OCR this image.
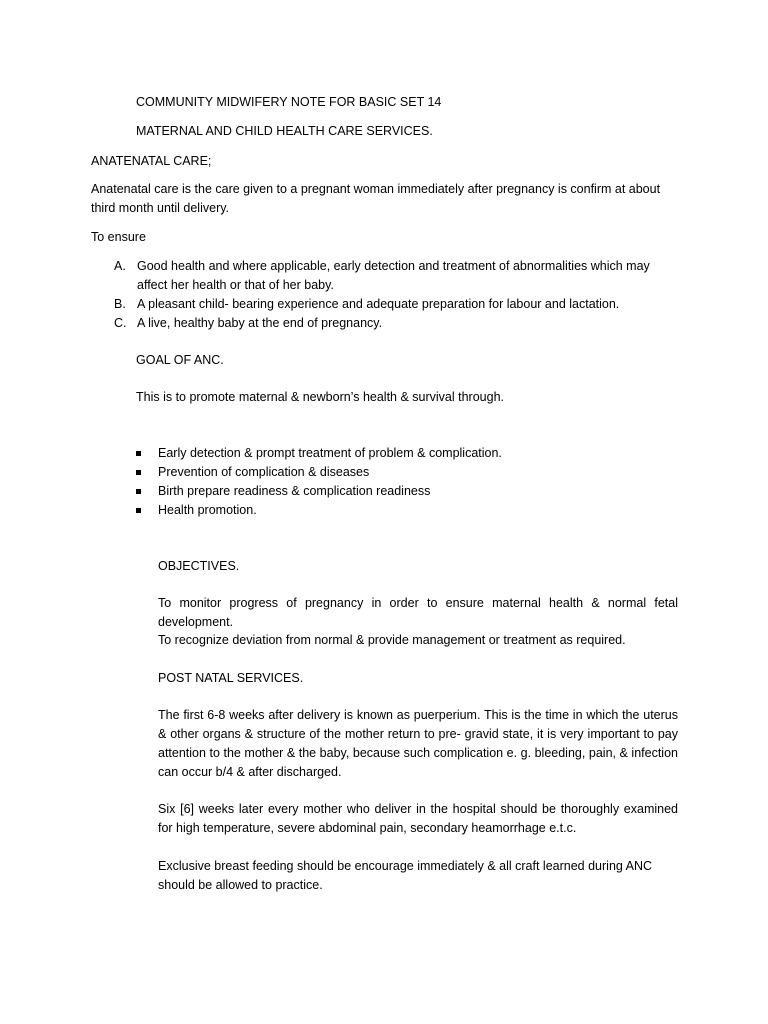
COMMUNITY MIDWIFERY NOTE FOR BASIC SET 14

MATERNAL AND CHILD HEALTH CARE SERVICES.

ANATENATAL CARE;

Anatenatal care is the care given to a pregnant woman immediately after pregnancy is confirm at about third month until delivery.

To ensure

A. Good health and where applicable, early detection and treatment of abnormalities which may affect her health or that of her baby.
B. A pleasant child- bearing experience and adequate preparation for labour and lactation.
C. A live, healthy baby at the end of pregnancy.

GOAL OF ANC.

This is to promote maternal & newborn’s health & survival through.

Early detection & prompt treatment of problem & complication.
Prevention of complication & diseases
Birth prepare readiness & complication readiness
Health promotion.

OBJECTIVES.

To monitor progress of pregnancy in order to ensure maternal health & normal fetal development.

To recognize deviation from normal & provide management or treatment as required.

POST NATAL SERVICES.

The first 6-8 weeks after delivery is known as puerperium. This is the time in which the uterus & other organs & structure of the mother return to pre- gravid state, it is very important to pay attention to the mother & the baby, because such complication e. g. bleeding, pain, & infection can occur b/4 & after discharged.

Six [6] weeks later every mother who deliver in the hospital should be thoroughly examined for high temperature, severe abdominal pain, secondary heamorrhage e.t.c.

Exclusive breast feeding should be encourage immediately & all craft learned during ANC should be allowed to practice.
